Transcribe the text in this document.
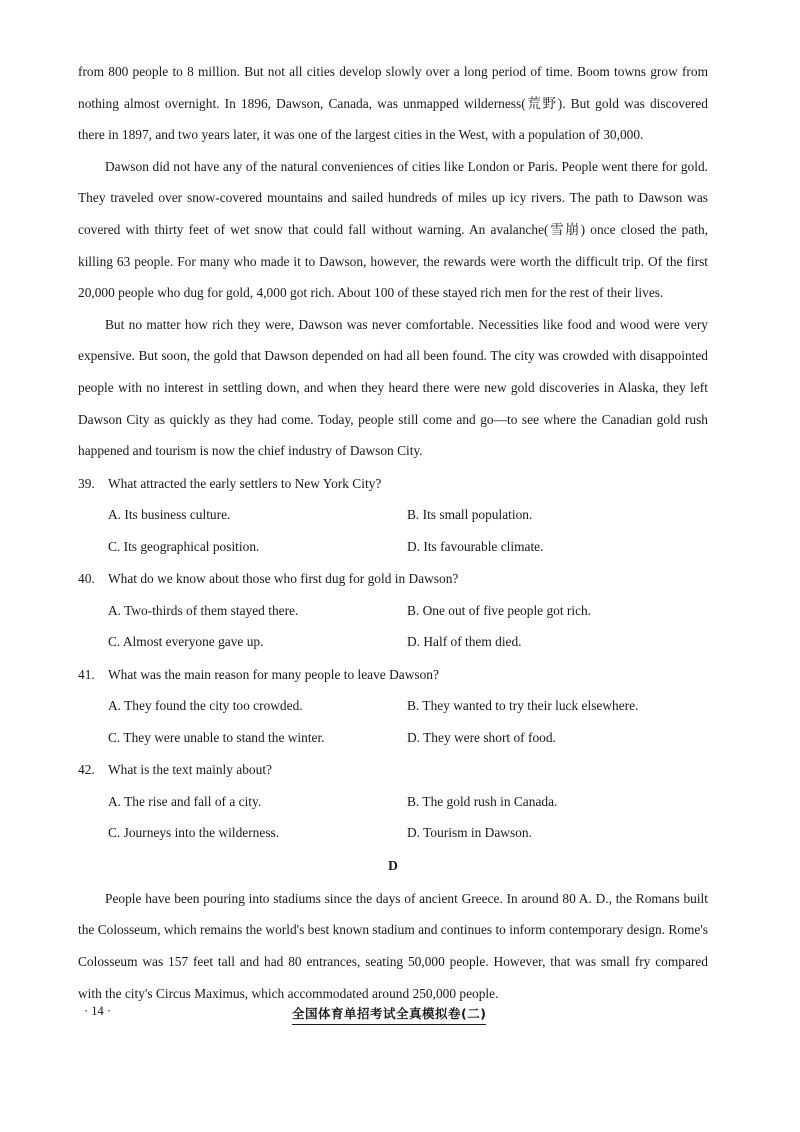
from 800 people to 8 million. But not all cities develop slowly over a long period of time. Boom towns grow from nothing almost overnight. In 1896, Dawson, Canada, was unmapped wilderness(荒野). But gold was discovered there in 1897, and two years later, it was one of the largest cities in the West, with a population of 30,000.

Dawson did not have any of the natural conveniences of cities like London or Paris. People went there for gold. They traveled over snow-covered mountains and sailed hundreds of miles up icy rivers. The path to Dawson was covered with thirty feet of wet snow that could fall without warning. An avalanche(雪崩) once closed the path, killing 63 people. For many who made it to Dawson, however, the rewards were worth the difficult trip. Of the first 20,000 people who dug for gold, 4,000 got rich. About 100 of these stayed rich men for the rest of their lives.

But no matter how rich they were, Dawson was never comfortable. Necessities like food and wood were very expensive. But soon, the gold that Dawson depended on had all been found. The city was crowded with disappointed people with no interest in settling down, and when they heard there were new gold discoveries in Alaska, they left Dawson City as quickly as they had come. Today, people still come and go—to see where the Canadian gold rush happened and tourism is now the chief industry of Dawson City.

39. What attracted the early settlers to New York City?
A. Its business culture.	B. Its small population.
C. Its geographical position.	D. Its favourable climate.
40. What do we know about those who first dug for gold in Dawson?
A. Two-thirds of them stayed there.	B. One out of five people got rich.
C. Almost everyone gave up.	D. Half of them died.
41. What was the main reason for many people to leave Dawson?
A. They found the city too crowded.	B. They wanted to try their luck elsewhere.
C. They were unable to stand the winter.	D. They were short of food.
42. What is the text mainly about?
A. The rise and fall of a city.	B. The gold rush in Canada.
C. Journeys into the wilderness.	D. Tourism in Dawson.
D

People have been pouring into stadiums since the days of ancient Greece. In around 80 A. D., the Romans built the Colosseum, which remains the world's best known stadium and continues to inform contemporary design. Rome's Colosseum was 157 feet tall and had 80 entrances, seating 50,000 people. However, that was small fry compared with the city's Circus Maximus, which accommodated around 250,000 people.

· 14 ·	全国体育单招考试全真模拟卷(二)
